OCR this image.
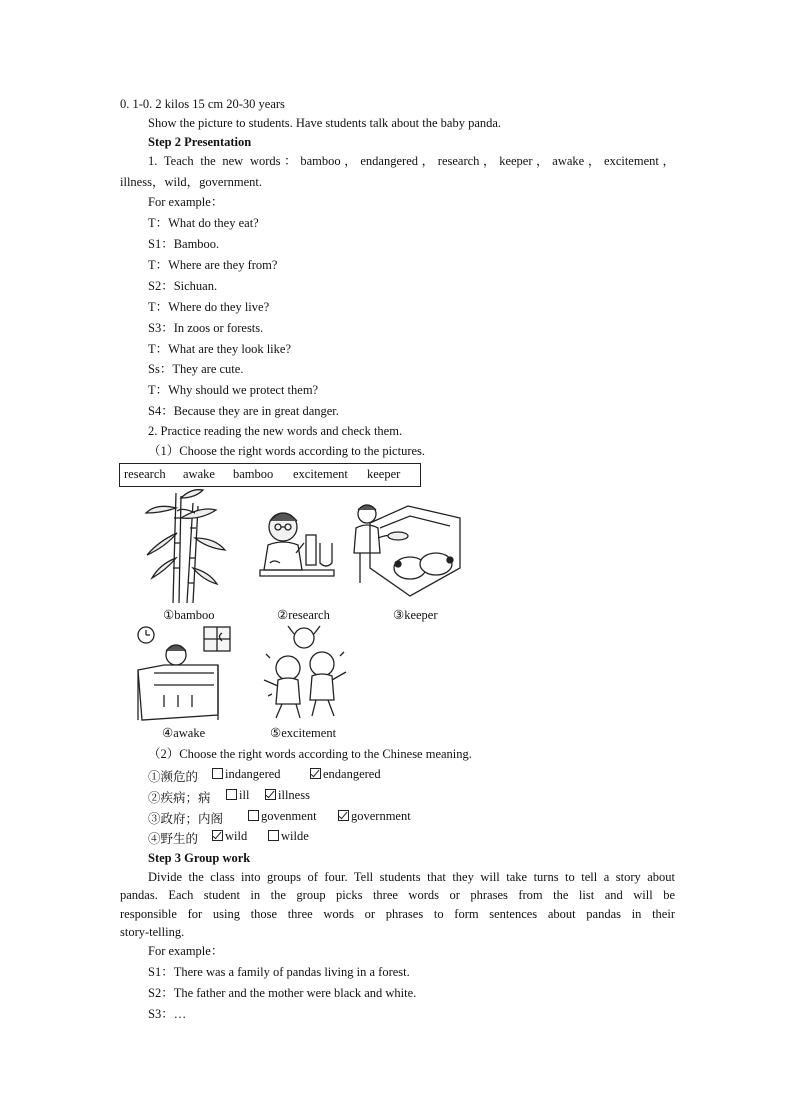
0. 1-0. 2 kilos 15 cm 20-30 years
Show the picture to students. Have students talk about the baby panda.
Step 2 Presentation
1. Teach the new words：bamboo，endangered，research，keeper，awake，excitement，
illness，wild，government.
For example：
T：What do they eat?
S1：Bamboo.
T：Where are they from?
S2：Sichuan.
T：Where do they live?
S3：In zoos or forests.
T：What are they look like?
Ss：They are cute.
T：Why should we protect them?
S4：Because they are in great danger.
2. Practice reading the new words and check them.
（1）Choose the right words according to the pictures.
research awake bamboo excitement keeper
①bamboo	②research	③keeper
④awake	⑤excitement
（2）Choose the right words according to the Chinese meaning.
①濒危的	indangered	endangered
②疾病；病	ill	illness
③政府；内阁	govenment	government
④野生的	wild	wilde
Step 3 Group work
Divide the class into groups of four. Tell students that they will take turns to tell a story about
pandas. Each student in the group picks three words or phrases from the list and will be
responsible for using those three words or phrases to form sentences about pandas in their
story-telling.
For example：
S1：There was a family of pandas living in a forest.
S2：The father and the mother were black and white.
S3：…
